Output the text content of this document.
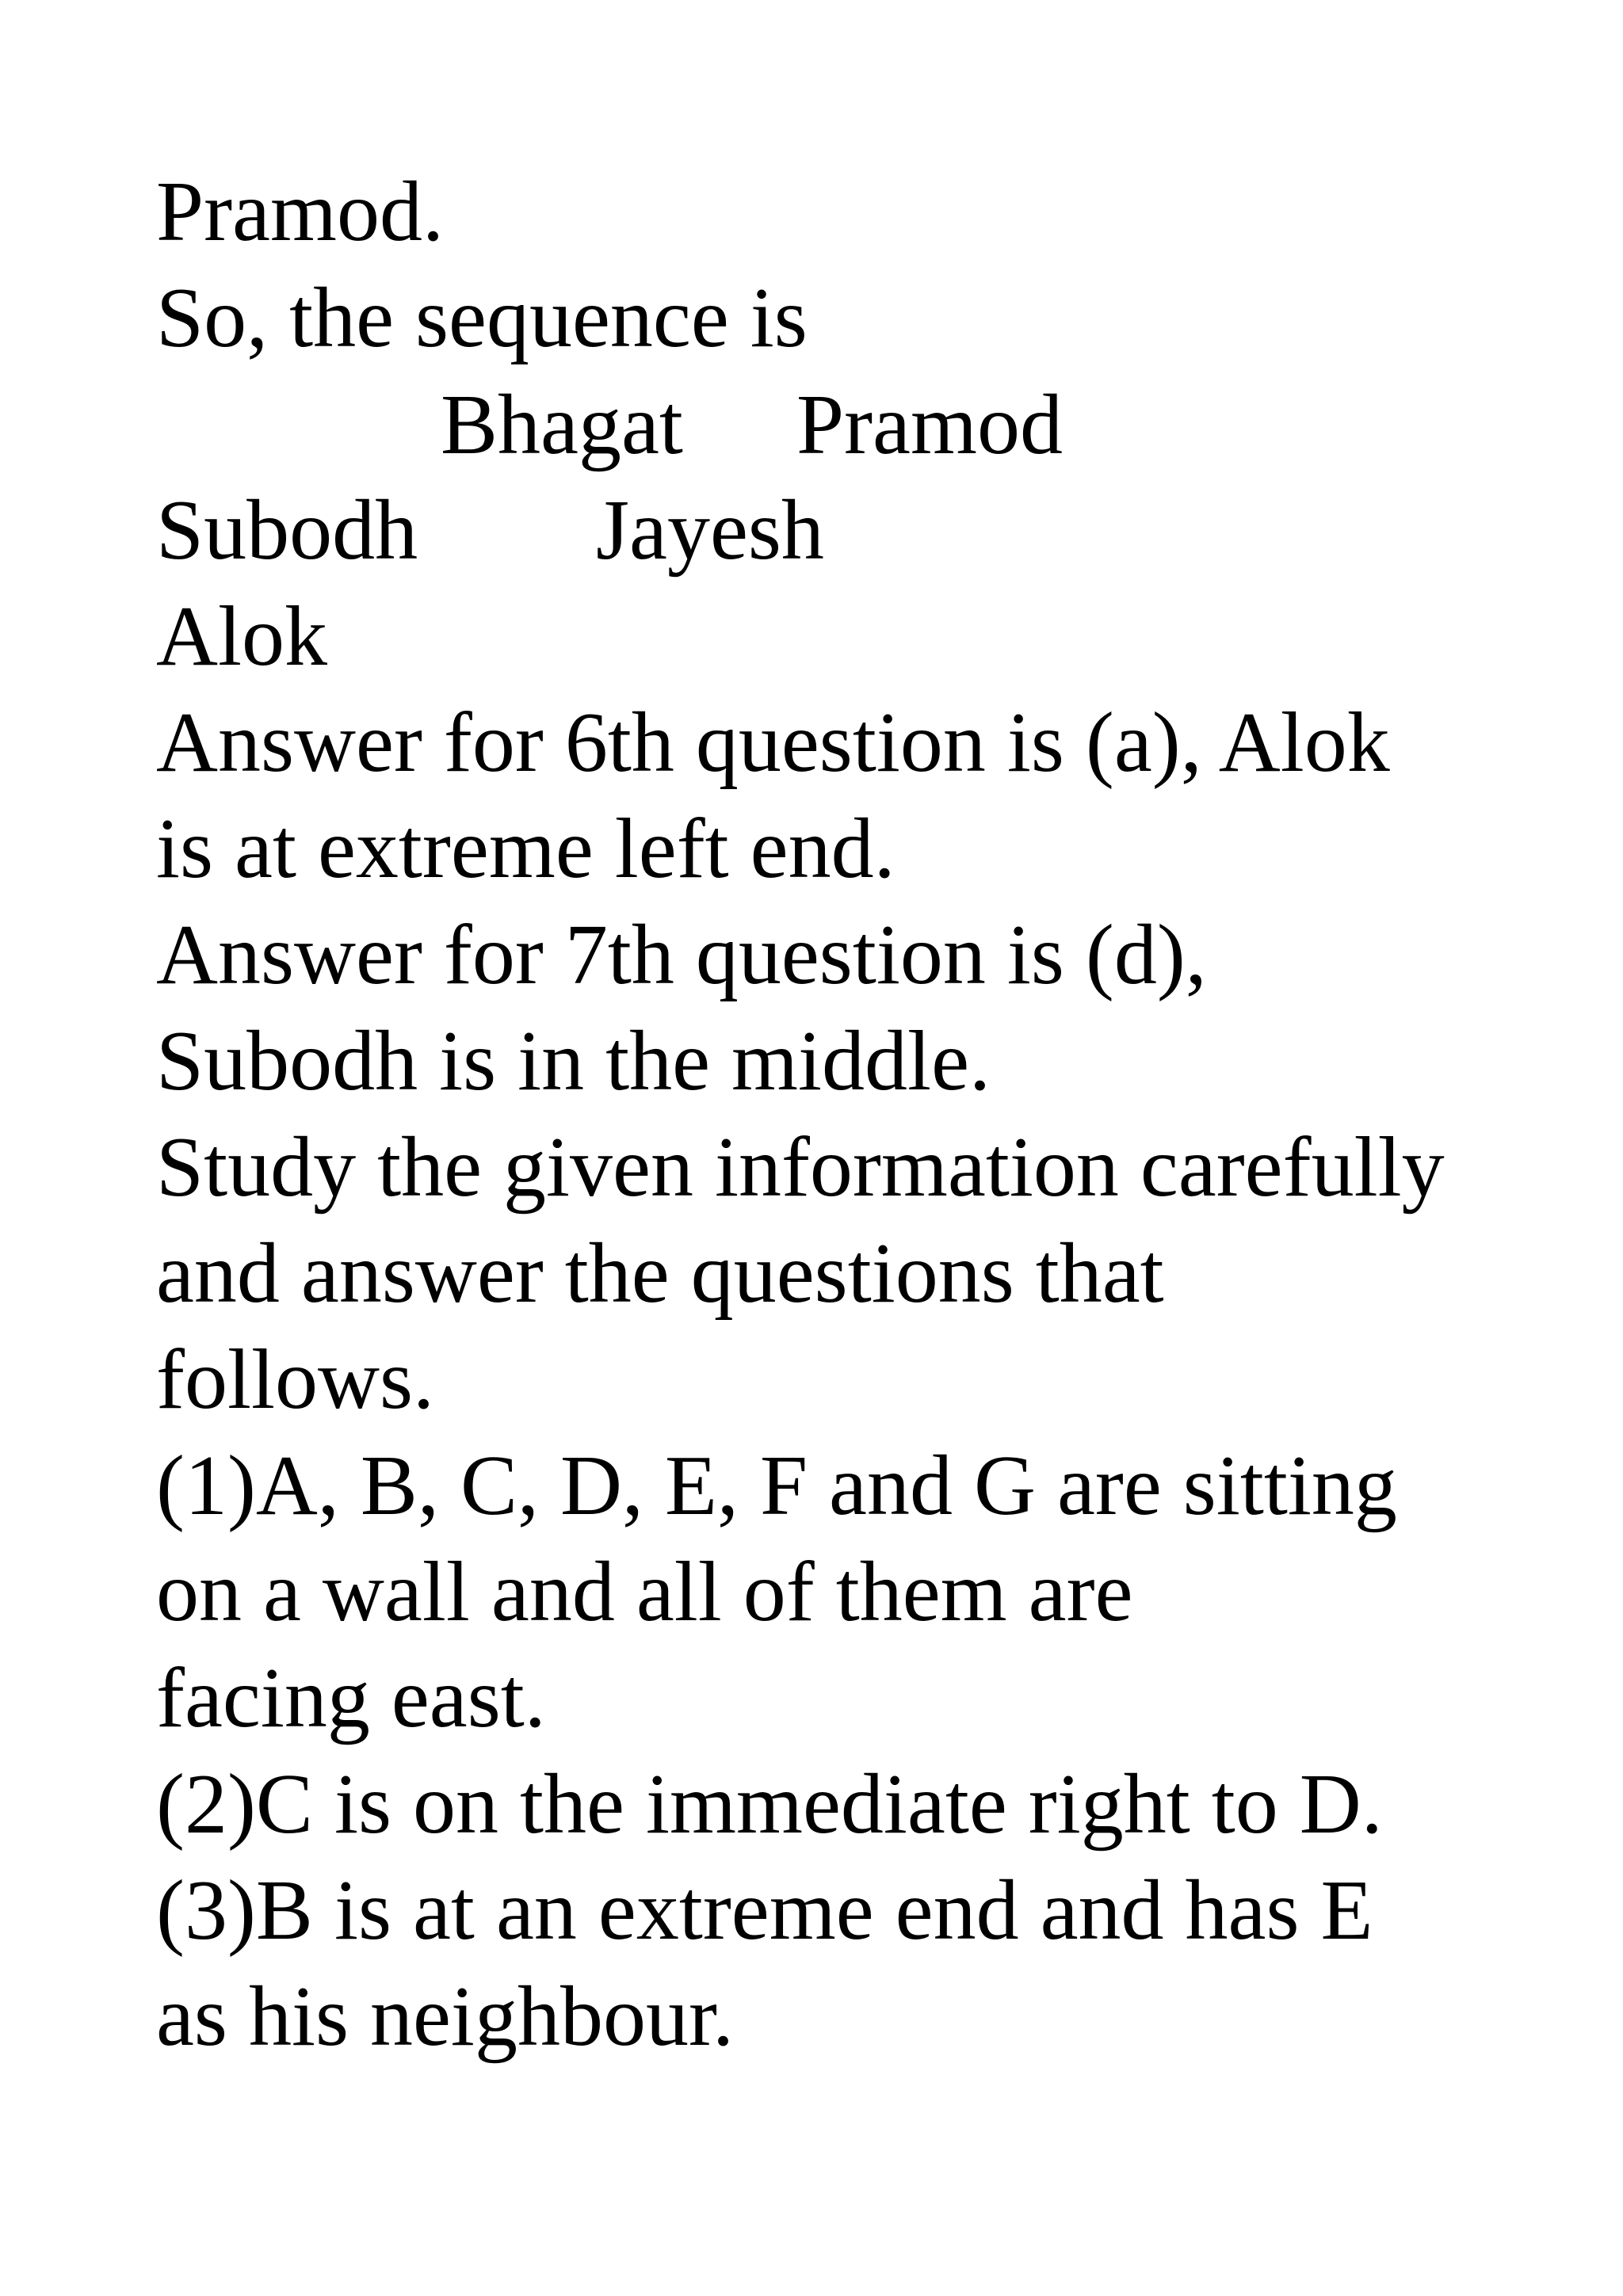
Pramod.
So, the sequence is
Bhagat Pramod
Subodh Jayesh
Alok
Answer for 6th question is (a), Alok
is at extreme left end.
Answer for 7th question is (d),
Subodh is in the middle.
Study the given information carefully
and answer the questions that
follows.
(1)A, B, C, D, E, F and G are sitting
on a wall and all of them are
facing east.
(2)C is on the immediate right to D.
(3)B is at an extreme end and has E
as his neighbour.
